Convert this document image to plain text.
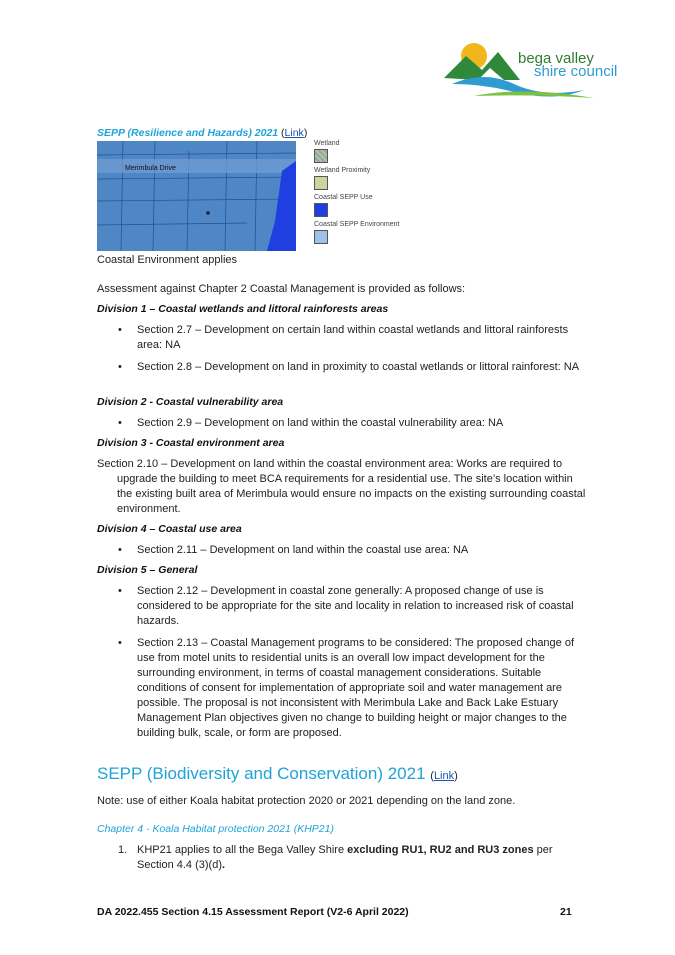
bega valley
shire council
SEPP (Resilience and Hazards) 2021 (Link)
Merimbula Drive
Wetland
Wetland Proximity
Coastal SEPP Use
Coastal SEPP Environment
Coastal Environment applies
Assessment against Chapter 2 Coastal Management is provided as follows:
Division 1 – Coastal wetlands and littoral rainforests areas
• Section 2.7 – Development on certain land within coastal wetlands and littoral rainforests area: NA
• Section 2.8 – Development on land in proximity to coastal wetlands or littoral rainforest: NA
Division 2 - Coastal vulnerability area
• Section 2.9 – Development on land within the coastal vulnerability area: NA
Division 3 - Coastal environment area
Section 2.10 – Development on land within the coastal environment area: Works are required to upgrade the building to meet BCA requirements for a residential use. The site’s location within the existing built area of Merimbula would ensure no impacts on the existing surrounding coastal environment.
Division 4 – Coastal use area
• Section 2.11 – Development on land within the coastal use area: NA
Division 5 – General
• Section 2.12 – Development in coastal zone generally: A proposed change of use is considered to be appropriate for the site and locality in relation to increased risk of coastal hazards.
• Section 2.13 – Coastal Management programs to be considered: The proposed change of use from motel units to residential units is an overall low impact development for the surrounding environment, in terms of coastal management considerations. Suitable conditions of consent for implementation of appropriate soil and water management are possible. The proposal is not inconsistent with Merimbula Lake and Back Lake Estuary Management Plan objectives given no change to building height or major changes to the building bulk, scale, or form are proposed.
SEPP (Biodiversity and Conservation) 2021 (Link)
Note: use of either Koala habitat protection 2020 or 2021 depending on the land zone.
Chapter 4 - Koala Habitat protection 2021 (KHP21)
1. KHP21 applies to all the Bega Valley Shire excluding RU1, RU2 and RU3 zones per Section 4.4 (3)(d).
DA 2022.455 Section 4.15 Assessment Report (V2-6 April 2022)	21
